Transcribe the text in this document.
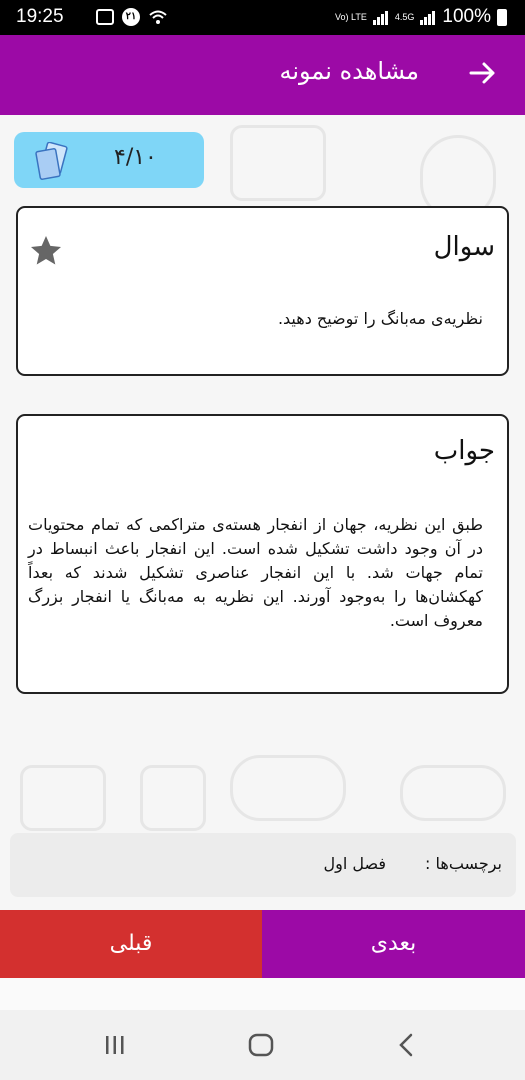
19:25	۲۱	Vo) LTE	4.5G 100%
مشاهده نمونه
۴/۱۰
سوال
نظریه‌ی مه‌بانگ را توضیح دهید.
جواب
طبق این نظریه، جهان از انفجار هسته‌ی متراکمی که تمام محتویات در آن وجود داشت تشکیل شده است. این انفجار باعث انبساط در تمام جهات شد. با این انفجار عناصری تشکیل شدند که بعداً کهکشان‌ها را به‌وجود آورند. این نظریه به مه‌بانگ یا انفجار بزرگ معروف است.
برچسب‌ها :
فصل اول
بعدی
قبلی
